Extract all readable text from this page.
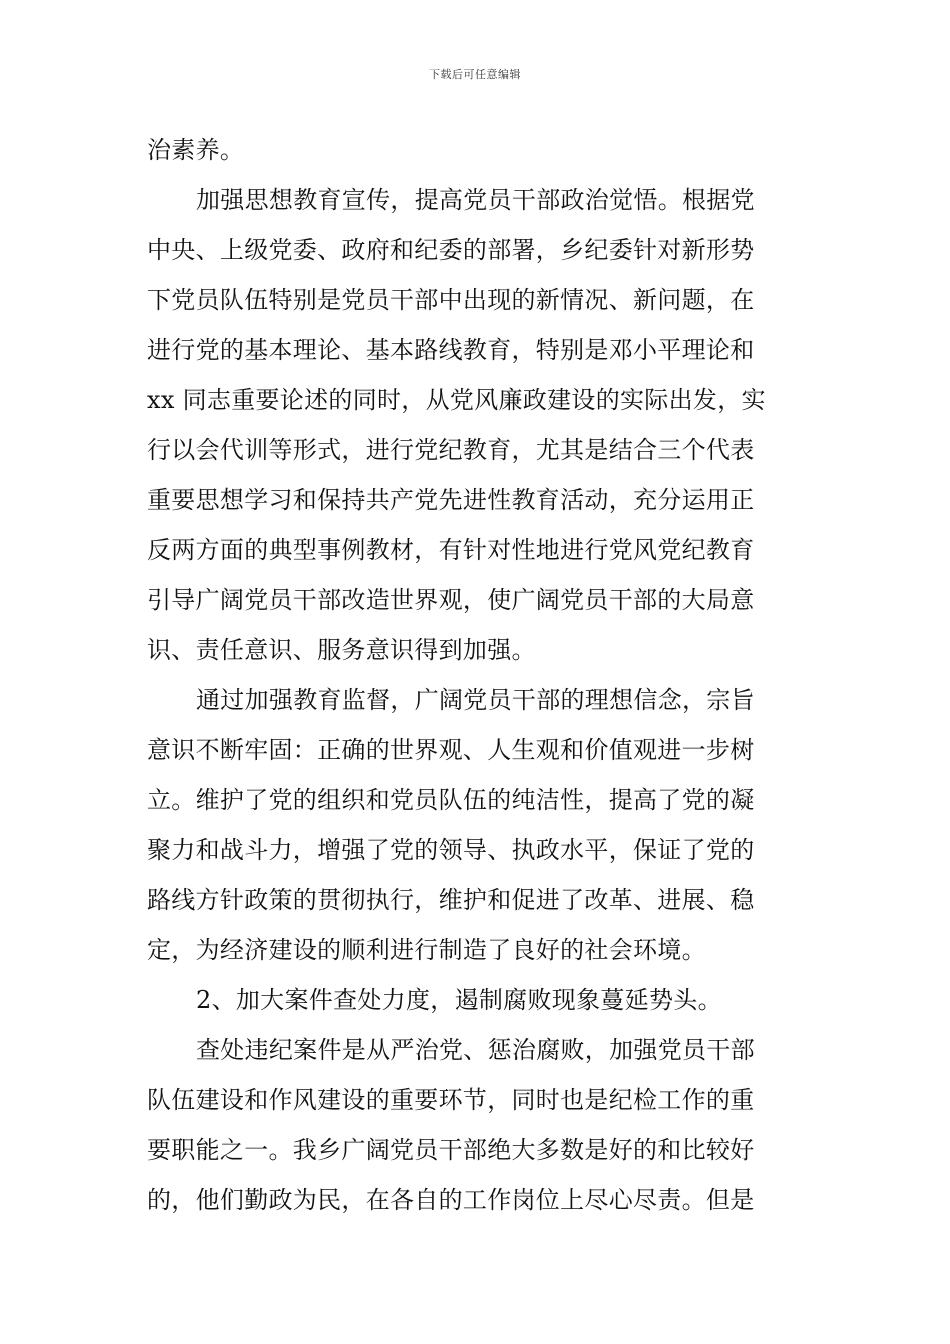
下载后可任意编辑
治素养。
加强思想教育宣传，提高党员干部政治觉悟。根据党
中央、上级党委、政府和纪委的部署，乡纪委针对新形势
下党员队伍特别是党员干部中出现的新情况、新问题，在
进行党的基本理论、基本路线教育，特别是邓小平理论和
xx 同志重要论述的同时，从党风廉政建设的实际出发，实
行以会代训等形式，进行党纪教育，尤其是结合三个代表
重要思想学习和保持共产党先进性教育活动，充分运用正
反两方面的典型事例教材，有针对性地进行党风党纪教育
引导广阔党员干部改造世界观，使广阔党员干部的大局意
识、责任意识、服务意识得到加强。
通过加强教育监督，广阔党员干部的理想信念，宗旨
意识不断牢固：正确的世界观、人生观和价值观进一步树
立。维护了党的组织和党员队伍的纯洁性，提高了党的凝
聚力和战斗力，增强了党的领导、执政水平，保证了党的
路线方针政策的贯彻执行，维护和促进了改革、进展、稳
定，为经济建设的顺利进行制造了良好的社会环境。
2、加大案件查处力度，遏制腐败现象蔓延势头。
查处违纪案件是从严治党、惩治腐败，加强党员干部
队伍建设和作风建设的重要环节，同时也是纪检工作的重
要职能之一。我乡广阔党员干部绝大多数是好的和比较好
的，他们勤政为民，在各自的工作岗位上尽心尽责。但是
